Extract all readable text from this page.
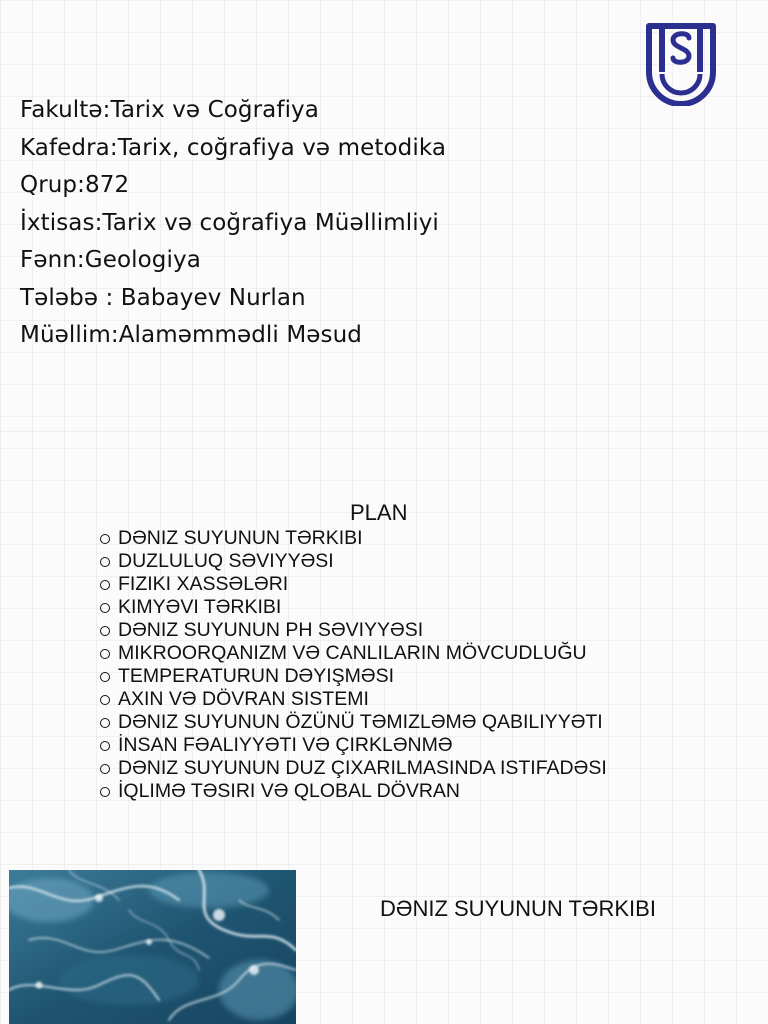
Fakultə:Tarix və Coğrafiya
Kafedra:Tarix, coğrafiya və metodika
Qrup:872
İxtisas:Tarix və coğrafiya Müəllimliyi
Fənn:Geologiya
Tələbə : Babayev Nurlan
Müəllim:Alaməmmədli Məsud
PLAN
DƏNIZ SUYUNUN TƏRKIBI
DUZLULUQ SƏVIYYƏSI
FIZIKI XASSƏLƏRI
KIMYƏVI TƏRKIBI
DƏNIZ SUYUNUN PH SƏVIYYƏSI
MIKROORQANIZM VƏ CANLILARIN MÖVCUDLUĞU
TEMPERATURUN DƏYIŞMƏSI
AXIN VƏ DÖVRAN SISTEMI
DƏNIZ SUYUNUN ÖZÜNÜ TƏMIZLƏMƏ QABILIYYƏTI
İNSAN FƏALIYYƏTI VƏ ÇIRKLƏNMƏ
DƏNIZ SUYUNUN DUZ ÇIXARILMASINDA ISTIFADƏSI
İQLIMƏ TƏSIRI VƏ QLOBAL DÖVRAN
DƏNIZ SUYUNUN TƏRKIBI
